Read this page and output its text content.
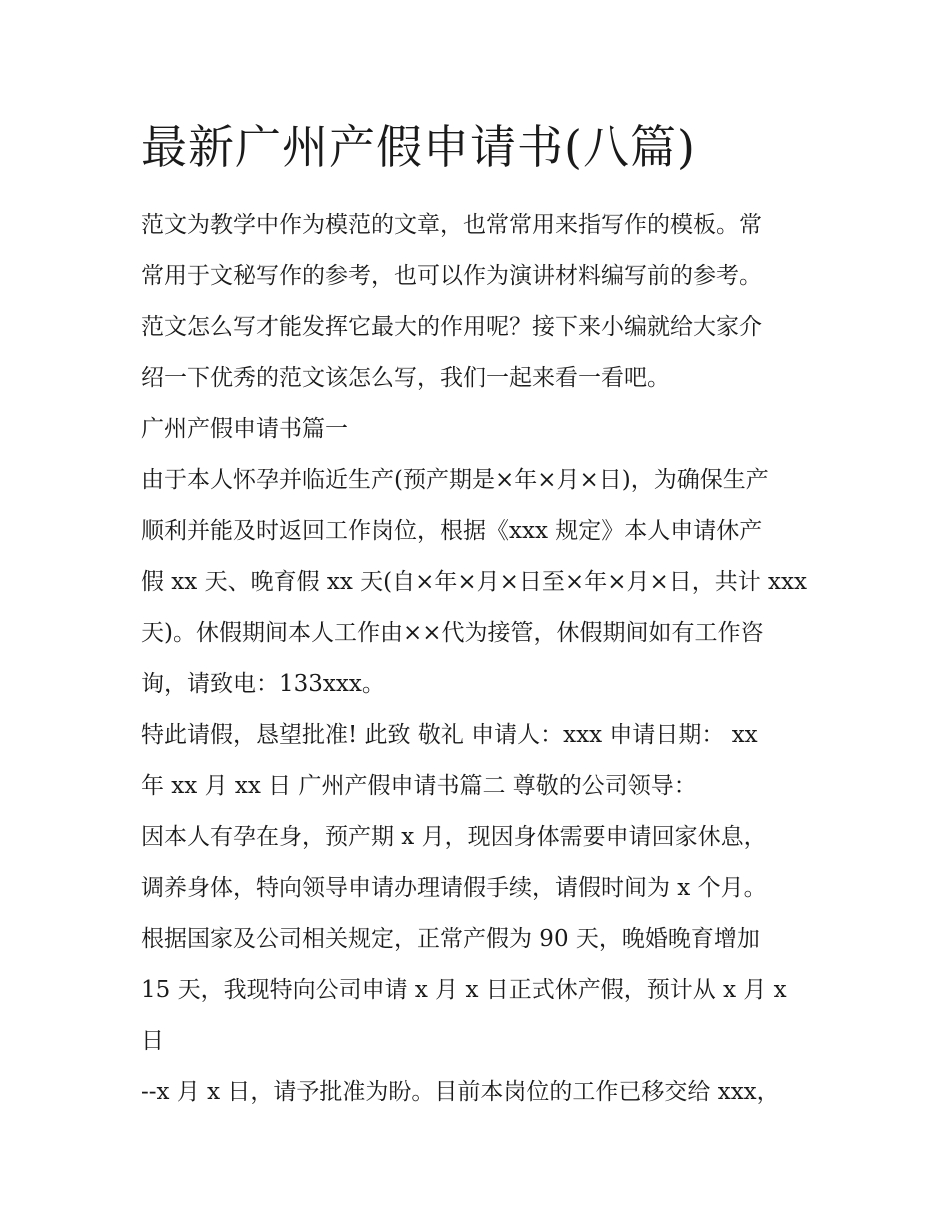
最新广州产假申请书(八篇)
范文为教学中作为模范的文章，也常常用来指写作的模板。常
常用于文秘写作的参考，也可以作为演讲材料编写前的参考。
范文怎么写才能发挥它最大的作用呢？接下来小编就给大家介
绍一下优秀的范文该怎么写，我们一起来看一看吧。
广州产假申请书篇一
由于本人怀孕并临近生产(预产期是×年×月×日)，为确保生产
顺利并能及时返回工作岗位，根据《xxx 规定》本人申请休产
假 xx 天、晚育假 xx 天(自×年×月×日至×年×月×日，共计 xxx
天)。休假期间本人工作由××代为接管，休假期间如有工作咨
询，请致电：133xxx。
特此请假，恳望批准! 此致 敬礼 申请人：xxx 申请日期： xx
年 xx 月 xx 日 广州产假申请书篇二 尊敬的公司领导：
因本人有孕在身，预产期 x 月，现因身体需要申请回家休息，
调养身体，特向领导申请办理请假手续，请假时间为 x 个月。
根据国家及公司相关规定，正常产假为 90 天，晚婚晚育增加
15 天，我现特向公司申请 x 月 x 日正式休产假，预计从 x 月 x
日
--x 月 x 日，请予批准为盼。目前本岗位的工作已移交给 xxx，
